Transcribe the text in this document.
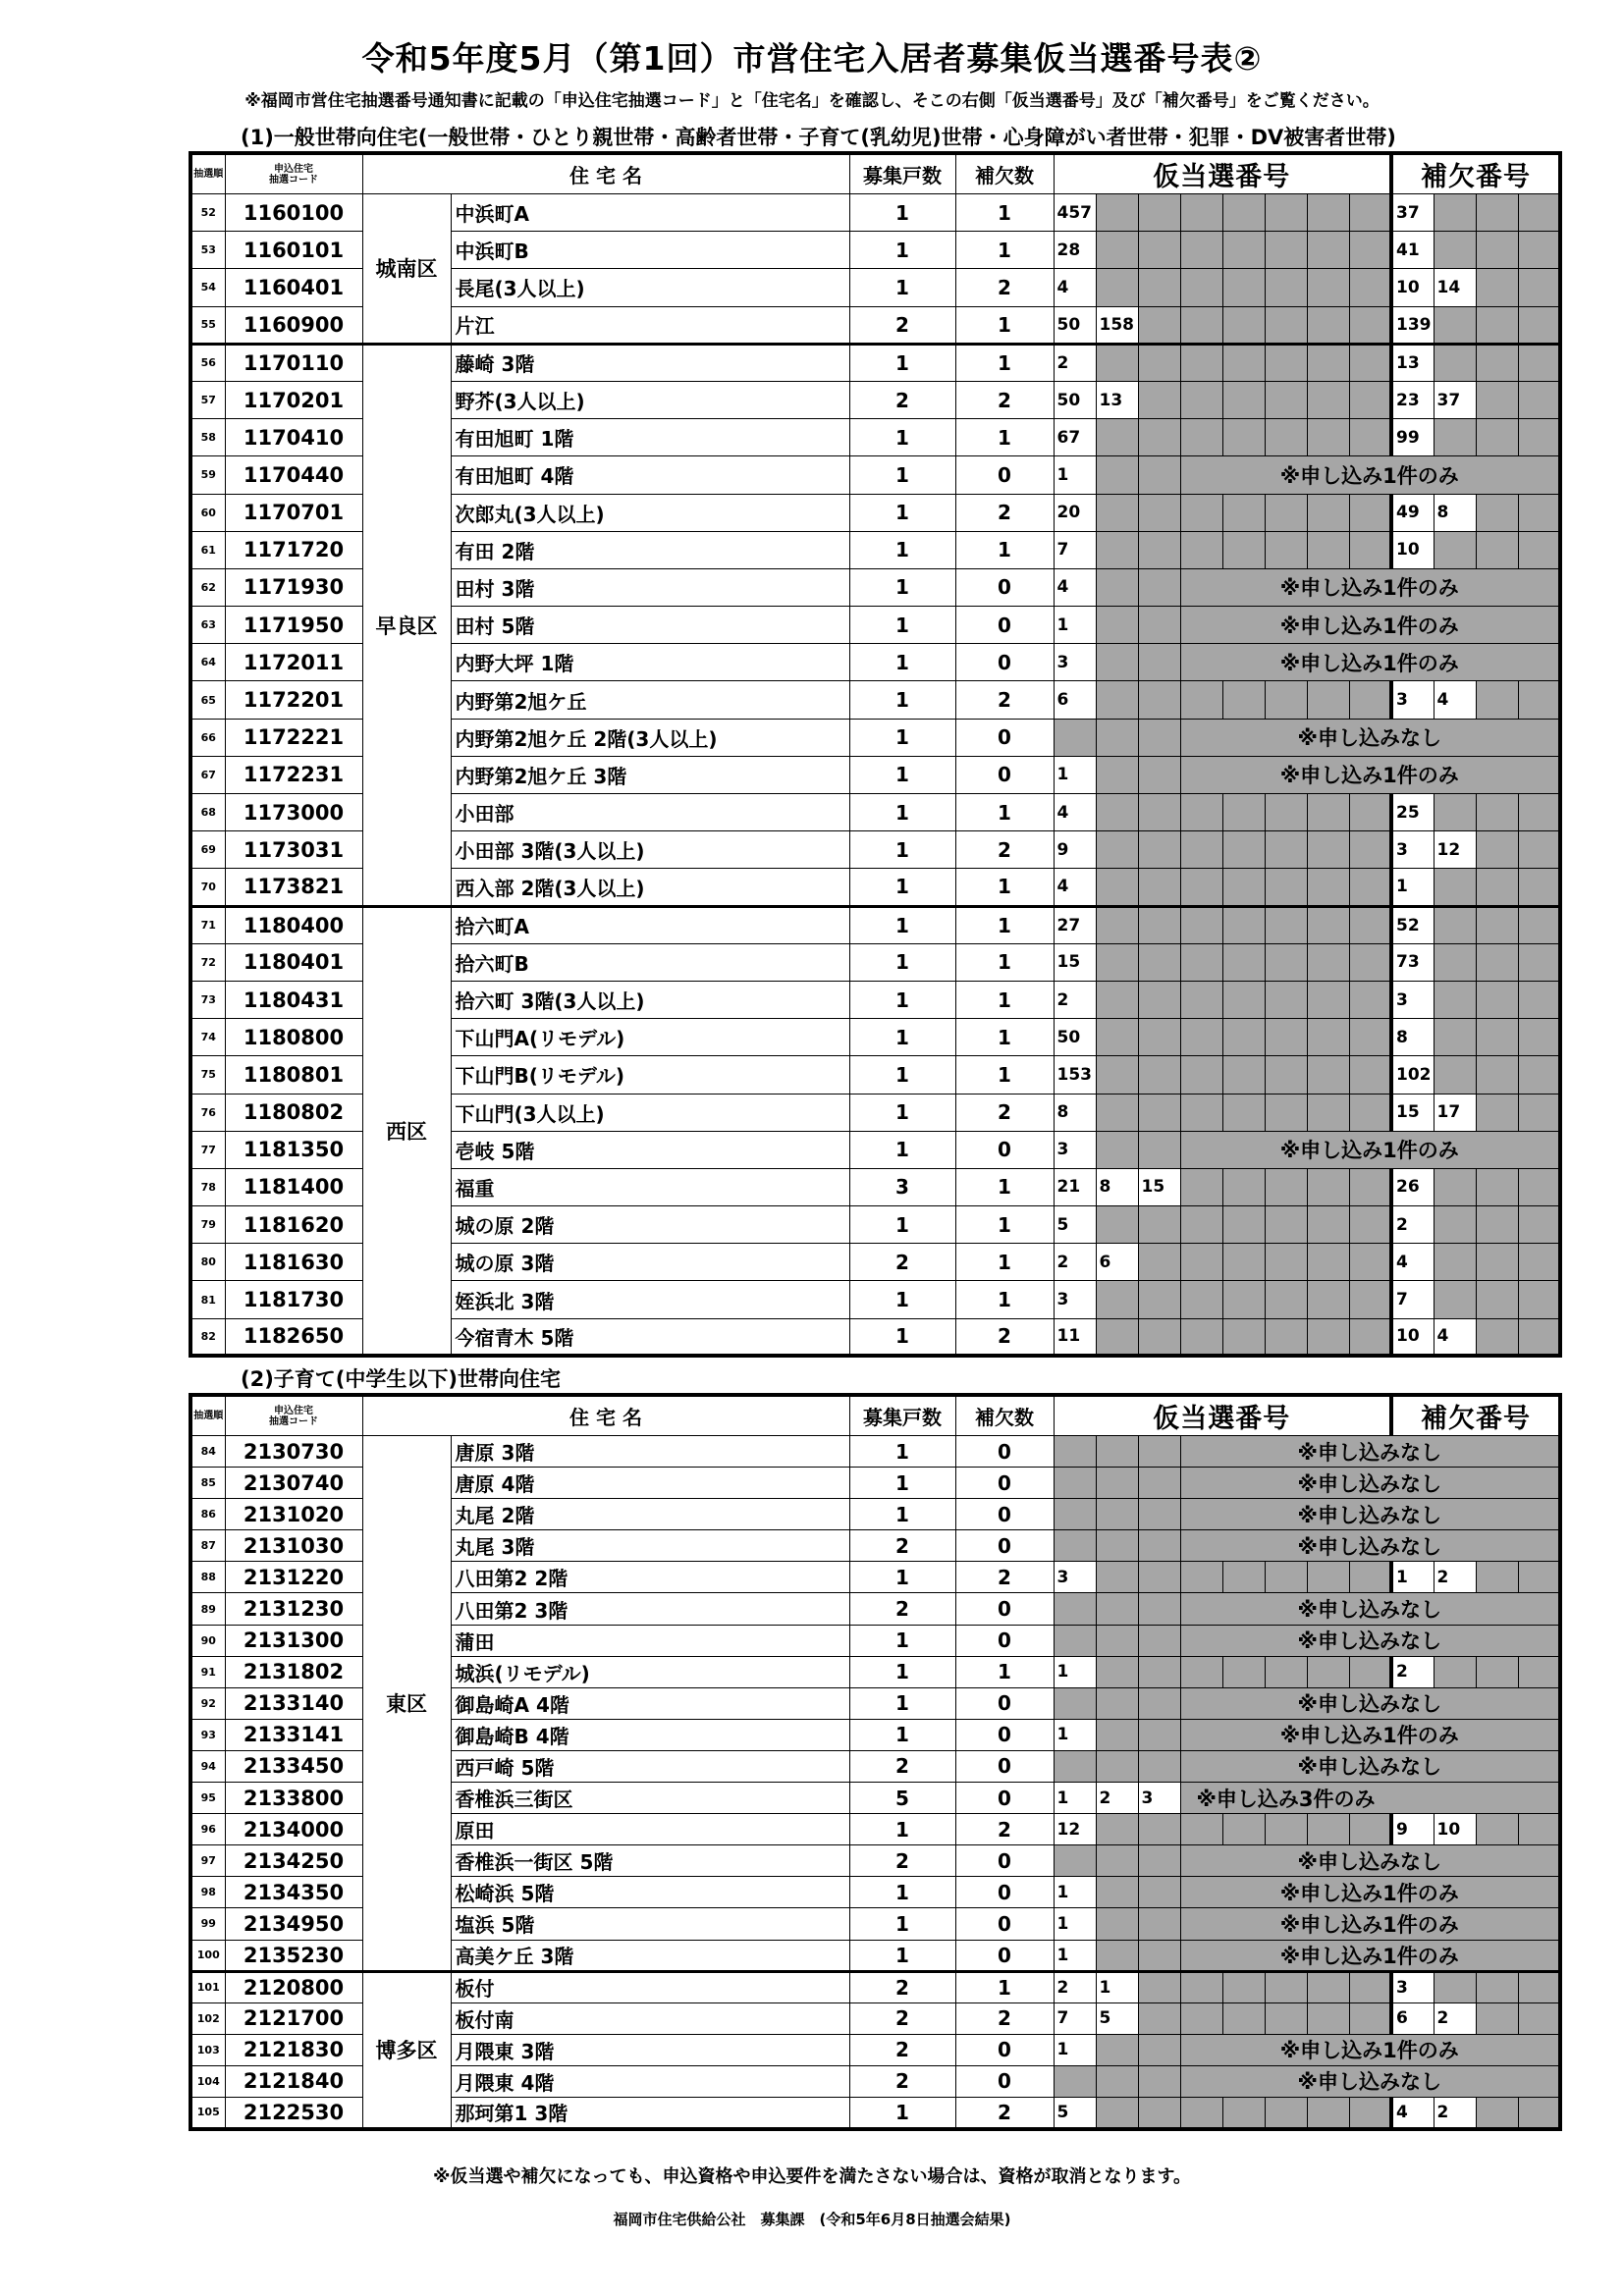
令和5年度5月（第1回）市営住宅入居者募集仮当選番号表②
※福岡市営住宅抽選番号通知書に記載の「申込住宅抽選コード」と「住宅名」を確認し、そこの右側「仮当選番号」及び「補欠番号」をご覧ください。
(1)一般世帯向住宅(一般世帯・ひとり親世帯・高齢者世帯・子育て(乳幼児)世帯・心身障がい者世帯・犯罪・DV被害者世帯)
抽選順	申込住宅
抽選コード	住 宅 名		募集戸数	補欠数	仮当選番号								補欠番号			
52	1160100	城南区	中浜町A	1	1	457								37			
53	1160101		中浜町B	1	1	28								41			
54	1160401		長尾(3人以上)	1	2	4								10	14		
55	1160900		片江	2	1	50	158							139			
56	1170110	早良区	藤崎 3階	1	1	2								13			
57	1170201		野芥(3人以上)	2	2	50	13							23	37		
58	1170410		有田旭町 1階	1	1	67								99			
59	1170440		有田旭町 4階	1	0	1			※申し込み1件のみ								
60	1170701		次郎丸(3人以上)	1	2	20								49	8		
61	1171720		有田 2階	1	1	7								10			
62	1171930		田村 3階	1	0	4			※申し込み1件のみ								
63	1171950		田村 5階	1	0	1			※申し込み1件のみ								
64	1172011		内野大坪 1階	1	0	3			※申し込み1件のみ								
65	1172201		内野第2旭ケ丘	1	2	6								3	4		
66	1172221		内野第2旭ケ丘 2階(3人以上)	1	0				※申し込みなし								
67	1172231		内野第2旭ケ丘 3階	1	0	1			※申し込み1件のみ								
68	1173000		小田部	1	1	4								25			
69	1173031		小田部 3階(3人以上)	1	2	9								3	12		
70	1173821		西入部 2階(3人以上)	1	1	4								1			
71	1180400	西区	拾六町A	1	1	27								52			
72	1180401		拾六町B	1	1	15								73			
73	1180431		拾六町 3階(3人以上)	1	1	2								3			
74	1180800		下山門A(リモデル)	1	1	50								8			
75	1180801		下山門B(リモデル)	1	1	153								102			
76	1180802		下山門(3人以上)	1	2	8								15	17		
77	1181350		壱岐 5階	1	0	3			※申し込み1件のみ								
78	1181400		福重	3	1	21	8	15						26			
79	1181620		城の原 2階	1	1	5								2			
80	1181630		城の原 3階	2	1	2	6							4			
81	1181730		姪浜北 3階	1	1	3								7			
82	1182650		今宿青木 5階	1	2	11								10	4		
(2)子育て(中学生以下)世帯向住宅
抽選順	申込住宅
抽選コード	住 宅 名		募集戸数	補欠数	仮当選番号								補欠番号			
84	2130730	東区	唐原 3階	1	0				※申し込みなし								
85	2130740		唐原 4階	1	0				※申し込みなし								
86	2131020		丸尾 2階	1	0				※申し込みなし								
87	2131030		丸尾 3階	2	0				※申し込みなし								
88	2131220		八田第2 2階	1	2	3								1	2		
89	2131230		八田第2 3階	2	0				※申し込みなし								
90	2131300		蒲田	1	0				※申し込みなし								
91	2131802		城浜(リモデル)	1	1	1								2			
92	2133140		御島崎A 4階	1	0				※申し込みなし								
93	2133141		御島崎B 4階	1	0	1			※申し込み1件のみ								
94	2133450		西戸崎 5階	2	0				※申し込みなし								
95	2133800		香椎浜三街区	5	0	1	2	3	※申し込み3件のみ								
96	2134000		原田	1	2	12								9	10		
97	2134250		香椎浜一街区 5階	2	0				※申し込みなし								
98	2134350		松崎浜 5階	1	0	1			※申し込み1件のみ								
99	2134950		塩浜 5階	1	0	1			※申し込み1件のみ								
100	2135230		高美ケ丘 3階	1	0	1			※申し込み1件のみ								
101	2120800	博多区	板付	2	1	2	1							3			
102	2121700		板付南	2	2	7	5							6	2		
103	2121830		月隈東 3階	2	0	1			※申し込み1件のみ								
104	2121840		月隈東 4階	2	0				※申し込みなし								
105	2122530		那珂第1 3階	1	2	5								4	2		
※仮当選や補欠になっても、申込資格や申込要件を満たさない場合は、資格が取消となります。
福岡市住宅供給公社　募集課　(令和5年6月8日抽選会結果)
